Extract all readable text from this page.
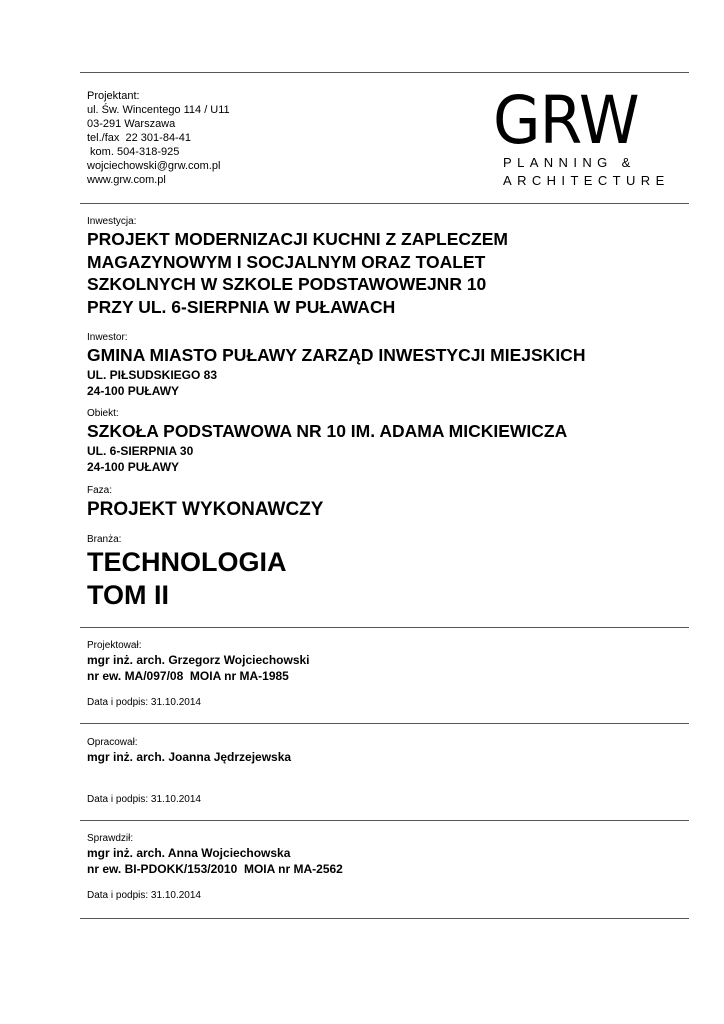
Projektant:
ul. Św. Wincentego 114 / U11
03-291 Warszawa
tel./fax  22 301-84-41
kom. 504-318-925
wojciechowski@grw.com.pl
www.grw.com.pl
GRW
PLANNING &
ARCHITECTURE
Inwestycja:
PROJEKT MODERNIZACJI KUCHNI Z ZAPLECZEM
MAGAZYNOWYM I SOCJALNYM ORAZ TOALET
SZKOLNYCH W SZKOLE PODSTAWOWEJNR 10
PRZY UL. 6-SIERPNIA W PUŁAWACH
Inwestor:
GMINA MIASTO PUŁAWY ZARZĄD INWESTYCJI MIEJSKICH
UL. PIŁSUDSKIEGO 83
24-100 PUŁAWY
Obiekt:
SZKOŁA PODSTAWOWA NR 10 IM. ADAMA MICKIEWICZA
UL. 6-SIERPNIA 30
24-100 PUŁAWY
Faza:
PROJEKT WYKONAWCZY
Branża:
TECHNOLOGIA
TOM II
Projektował:
mgr inż. arch. Grzegorz Wojciechowski
nr ew. MA/097/08  MOIA nr MA-1985
Data i podpis: 31.10.2014
Opracował:
mgr inż. arch. Joanna Jędrzejewska
Data i podpis: 31.10.2014
Sprawdził:
mgr inż. arch. Anna Wojciechowska
nr ew. BI-PDOKK/153/2010  MOIA nr MA-2562
Data i podpis: 31.10.2014
